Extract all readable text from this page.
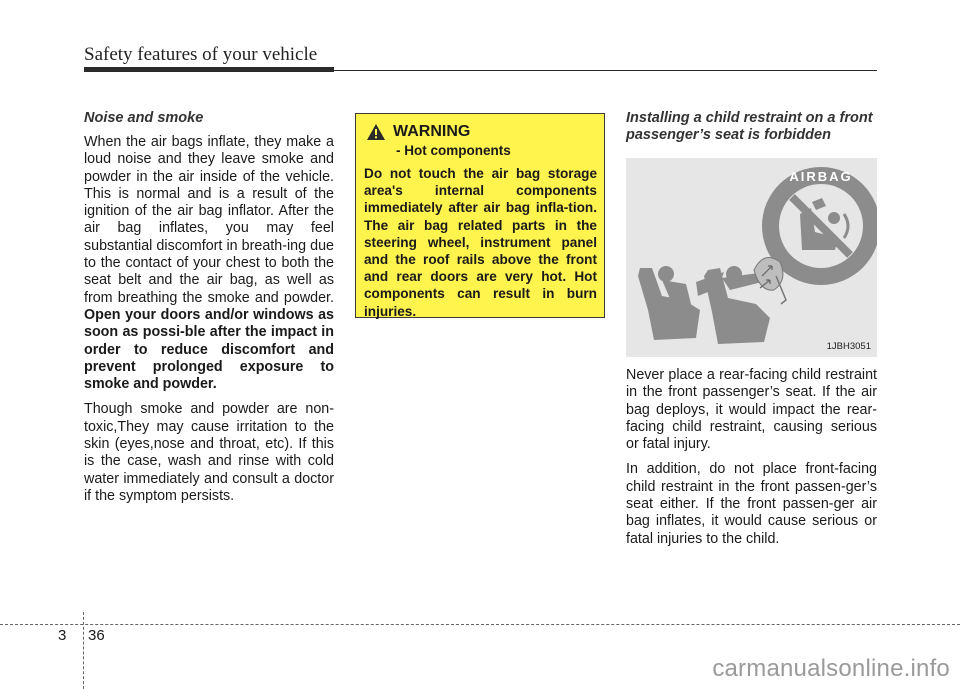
Safety features of your vehicle
Noise and smoke

When the air bags inflate, they make a loud noise and they leave smoke and powder in the air inside of the vehicle. This is normal and is a result of the ignition of the air bag inflator. After the air bag inflates, you may feel substantial discomfort in breath-ing due to the contact of your chest to both the seat belt and the air bag, as well as from breathing the smoke and powder. Open your doors and/or windows as soon as possi-ble after the impact in order to reduce discomfort and prevent prolonged exposure to smoke and powder.

Though smoke and powder are non-toxic,They may cause irritation to the skin (eyes,nose and throat, etc). If this is the case, wash and rinse with cold water immediately and consult a doctor if the symptom persists.

WARNING
- Hot components

Do not touch the air bag storage area's internal components immediately after air bag infla-tion. The air bag related parts in the steering wheel, instrument panel and the roof rails above the front and rear doors are very hot. Hot components can result in burn injuries.

Installing a child restraint on a front passenger’s seat is forbidden
AIRBAG
1JBH3051

Never place a rear-facing child restraint in the front passenger’s seat. If the air bag deploys, it would impact the rear-facing child restraint, causing serious or fatal injury.

In addition, do not place front-facing child restraint in the front passen-ger’s seat either. If the front passen-ger air bag inflates, it would cause serious or fatal injuries to the child.

3 36
carmanualsonline.info
